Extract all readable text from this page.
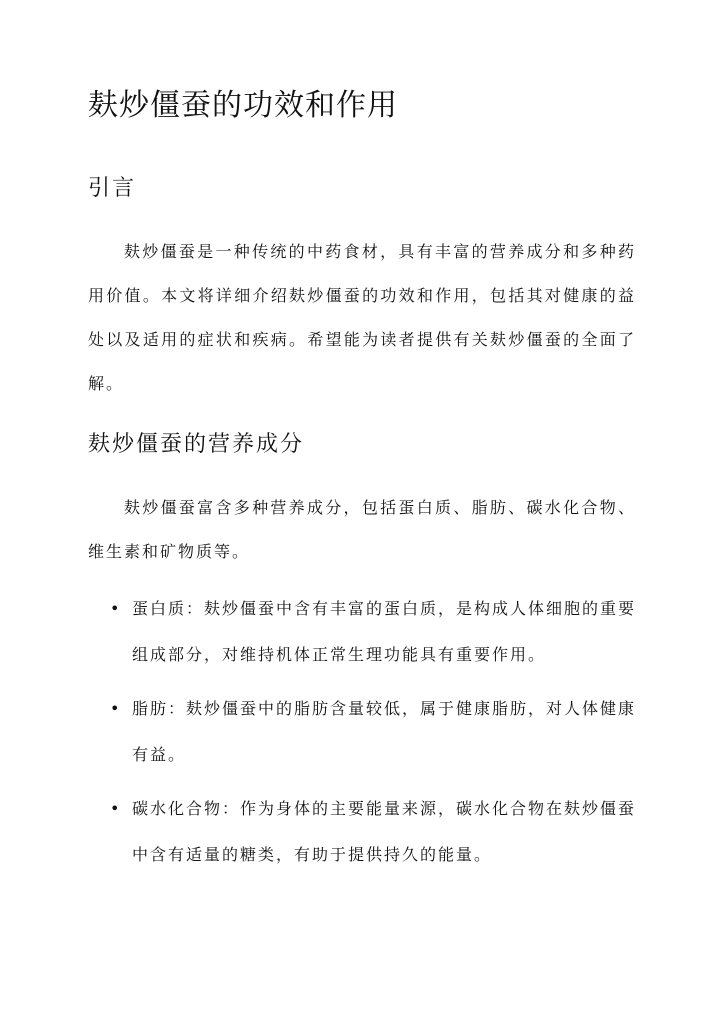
麸炒僵蚕的功效和作用
引言

麸炒僵蚕是一种传统的中药食材，具有丰富的营养成分和多种药用价值。本文将详细介绍麸炒僵蚕的功效和作用，包括其对健康的益处以及适用的症状和疾病。希望能为读者提供有关麸炒僵蚕的全面了解。

麸炒僵蚕的营养成分

麸炒僵蚕富含多种营养成分，包括蛋白质、脂肪、碳水化合物、维生素和矿物质等。

• 蛋白质：麸炒僵蚕中含有丰富的蛋白质，是构成人体细胞的重要组成部分，对维持机体正常生理功能具有重要作用。
• 脂肪：麸炒僵蚕中的脂肪含量较低，属于健康脂肪，对人体健康有益。
• 碳水化合物：作为身体的主要能量来源，碳水化合物在麸炒僵蚕中含有适量的糖类，有助于提供持久的能量。
